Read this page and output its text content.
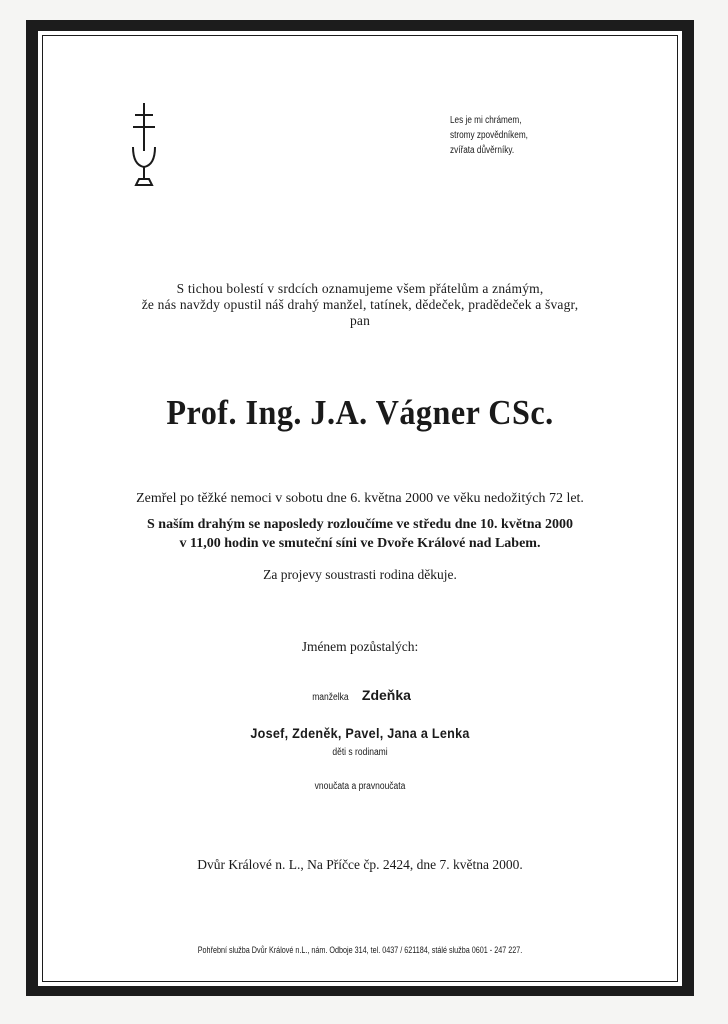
Les je mi chrámem,
stromy zpovědníkem,
zvířata důvěrníky.
S tichou bolestí v srdcích oznamujeme všem přátelům a známým,
že nás navždy opustil náš drahý manžel, tatínek, dědeček, pradědeček a švagr,
pan
Prof. Ing. J.A. Vágner CSc.
Zemřel po těžké nemoci v sobotu dne 6. května 2000 ve věku nedožitých 72 let.
S naším drahým se naposledy rozloučíme ve středu dne 10. května 2000
v 11,00 hodin ve smuteční síni ve Dvoře Králové nad Labem.
Za projevy soustrasti rodina děkuje.
Jménem pozůstalých:
manželka Zdeňka
Josef, Zdeněk, Pavel, Jana a Lenka
děti s rodinami
vnoučata a pravnoučata
Dvůr Králové n. L., Na Příčce čp. 2424, dne 7. května 2000.
Pohřební služba Dvůr Králové n.L., nám. Odboje 314, tel. 0437 / 621184, stálé služba 0601 - 247 227.
